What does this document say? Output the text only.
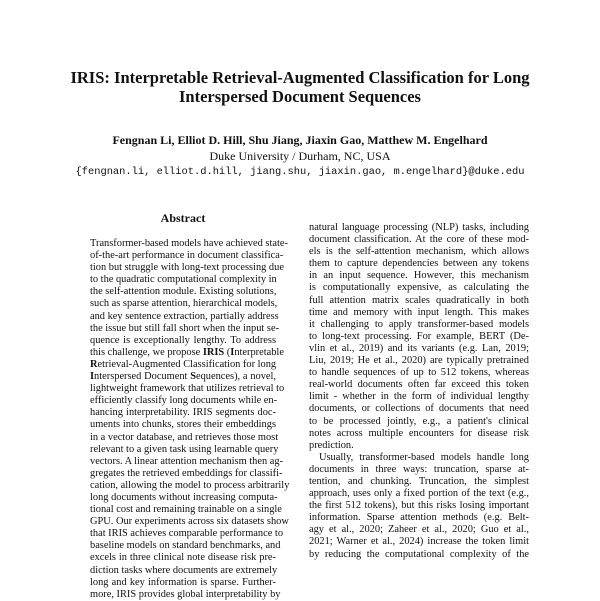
IRIS: Interpretable Retrieval-Augmented Classification for Long
Interspersed Document Sequences
Fengnan Li, Elliot D. Hill, Shu Jiang, Jiaxin Gao, Matthew M. Engelhard
Duke University / Durham, NC, USA
{fengnan.li, elliot.d.hill, jiang.shu, jiaxin.gao, m.engelhard}@duke.edu
Abstract
Transformer-based models have achieved state-
of-the-art performance in document classifica-
tion but struggle with long-text processing due
to the quadratic computational complexity in
the self-attention module. Existing solutions,
such as sparse attention, hierarchical models,
and key sentence extraction, partially address
the issue but still fall short when the input se-
quence is exceptionally lengthy. To address
this challenge, we propose IRIS (Interpretable
Retrieval-Augmented Classification for long
Interspersed Document Sequences), a novel,
lightweight framework that utilizes retrieval to
efficiently classify long documents while en-
hancing interpretability. IRIS segments doc-
uments into chunks, stores their embeddings
in a vector database, and retrieves those most
relevant to a given task using learnable query
vectors. A linear attention mechanism then ag-
gregates the retrieved embeddings for classifi-
cation, allowing the model to process arbitrarily
long documents without increasing computa-
tional cost and remaining trainable on a single
GPU. Our experiments across six datasets show
that IRIS achieves comparable performance to
baseline models on standard benchmarks, and
excels in three clinical note disease risk pre-
diction tasks where documents are extremely
long and key information is sparse. Further-
more, IRIS provides global interpretability by
natural language processing (NLP) tasks, including
document classification. At the core of these mod-
els is the self-attention mechanism, which allows
them to capture dependencies between any tokens
in an input sequence. However, this mechanism
is computationally expensive, as calculating the
full attention matrix scales quadratically in both
time and memory with input length. This makes
it challenging to apply transformer-based models
to long-text processing. For example, BERT (De-
vlin et al., 2019) and its variants (e.g. Lan, 2019;
Liu, 2019; He et al., 2020) are typically pretrained
to handle sequences of up to 512 tokens, whereas
real-world documents often far exceed this token
limit - whether in the form of individual lengthy
documents, or collections of documents that need
to be processed jointly, e.g., a patient's clinical
notes across multiple encounters for disease risk
prediction.
Usually, transformer-based models handle long
documents in three ways: truncation, sparse at-
tention, and chunking. Truncation, the simplest
approach, uses only a fixed portion of the text (e.g.,
the first 512 tokens), but this risks losing important
information. Sparse attention methods (e.g. Belt-
agy et al., 2020; Zaheer et al., 2020; Guo et al.,
2021; Warner et al., 2024) increase the token limit
by reducing the computational complexity of the
